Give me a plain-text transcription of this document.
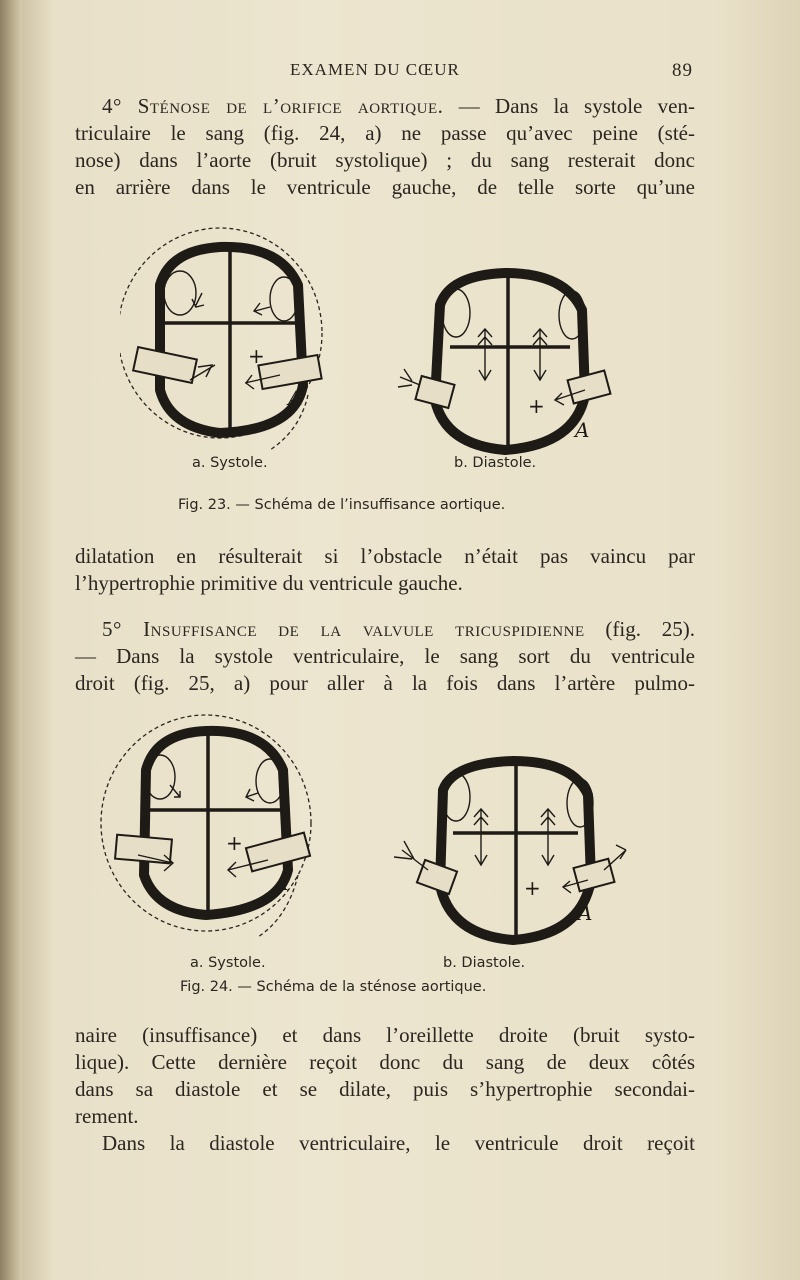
EXAMEN DU CŒUR	89
4° Sténose de l’orifice aortique. — Dans la systole ven-
triculaire le sang (fig. 24, a) ne passe qu’avec peine (sté-
nose) dans l’aorte (bruit systolique) ; du sang resterait donc
en arrière dans le ventricule gauche, de telle sorte qu’une
+
A	+
A
a. Systole.	b. Diastole.
Fig. 23. — Schéma de l’insuffisance aortique.
dilatation en résulterait si l’obstacle n’était pas vaincu par
l’hypertrophie primitive du ventricule gauche.
5° Insuffisance de la valvule tricuspidienne (fig. 25).
— Dans la systole ventriculaire, le sang sort du ventricule
droit (fig. 25, a) pour aller à la fois dans l’artère pulmo-
+
A	+
A
a. Systole.	b. Diastole.
Fig. 24. — Schéma de la sténose aortique.
naire (insuffisance) et dans l’oreillette droite (bruit systo-
lique). Cette dernière reçoit donc du sang de deux côtés
dans sa diastole et se dilate, puis s’hypertrophie secondai-
rement.
Dans la diastole ventriculaire, le ventricule droit reçoit
